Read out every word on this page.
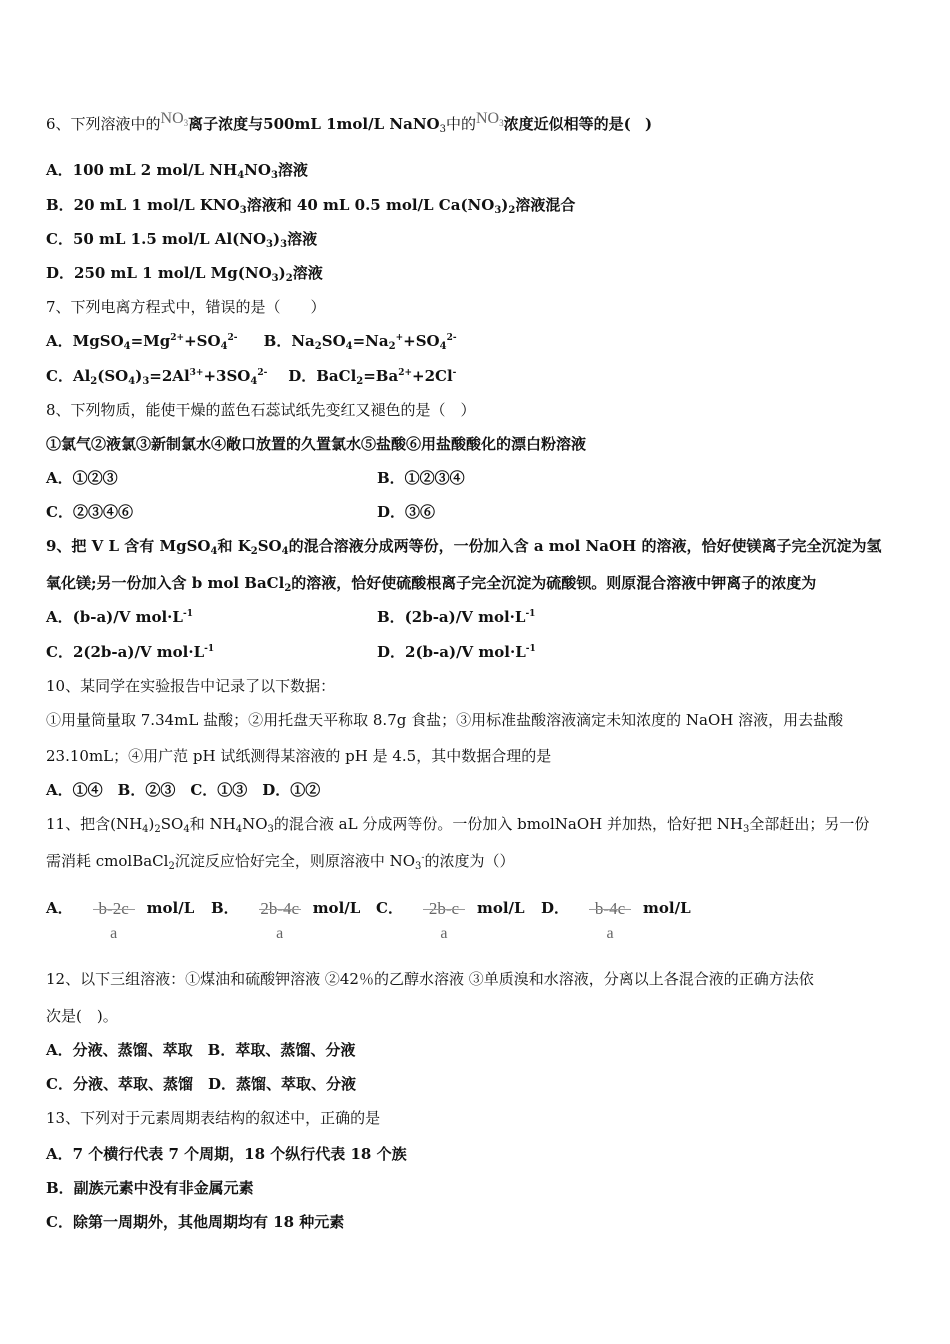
6、下列溶液中的$NO_3$离子浓度与500mL 1mol/L NaNO$_3$中的$NO_3$浓度近似相等的是( )
A．100 mL 2 mol/L $NH_4NO_3$溶液
B．20 mL 1 mol/L $KNO_3$溶液和 40 mL 0.5 mol/L $Ca(NO_3)_2$溶液混合
C．50 mL 1.5 mol/L $Al(NO_3)_3$溶液
D．250 mL 1 mol/L $Mg(NO_3)_2$溶液
7、下列电离方程式中，错误的是（　　）
A．$MgSO_4=Mg^{2+}+SO_4^{2-}$ B．$Na_2SO_4=Na_2^++SO_4^{2-}$
C．$Al_2(SO_4)_3=2Al^{3+}+3SO_4^{2-}$ D．$BaCl_2=Ba^{2+}+2Cl^-$
8、下列物质，能使干燥的蓝色石蕊试纸先变红又褪色的是（　）
①氯气②液氯③新制氯水④敞口放置的久置氯水⑤盐酸⑥用盐酸酸化的漂白粉溶液
A．①②③	B．①②③④
C．②③④⑥	D．③⑥
9、把 V L 含有 MgSO$_4$和 $K_2SO_4$的混合溶液分成两等份，一份加入含 a mol NaOH 的溶液，恰好使镁离子完全沉淀为氢
氧化镁;另一份加入含 b mol BaCl$_2$的溶液，恰好使硫酸根离子完全沉淀为硫酸钡。则原混合溶液中钾离子的浓度为
A．(b-a)/V $mol\cdot L^{-1}$	B．(2b-a)/V $mol\cdot L^{-1}$
C．2(2b-a)/V $mol\cdot L^{-1}$	D．2(b-a)/V $mol\cdot L^{-1}$
10、某同学在实验报告中记录了以下数据：
①用量筒量取 7.34mL 盐酸；②用托盘天平称取 8.7g 食盐；③用标准盐酸溶液滴定未知浓度的 NaOH 溶液，用去盐酸
23.10mL；④用广范 pH 试纸测得某溶液的 pH 是 4.5，其中数据合理的是
A．①④　B．②③　C．①③　D．①②
11、把含$(NH_4)_2SO_4$和 $NH_4NO_3$的混合液 aL 分成两等份。一份加入 bmolNaOH 并加热，恰好把 $NH_3$全部赶出；另一份
需消耗 cmolBaCl$_2$沉淀反应恰好完全，则原溶液中 $NO_3^-$的浓度为（）
A．	b-2c
a
mol/L B． 2b-4c
a
mol/L C．	2b-c
a
mol/L D．	b-4c
a
mol/L
12、以下三组溶液：①煤油和硫酸钾溶液 ②42％的乙醇水溶液 ③单质溴和水溶液，分离以上各混合液的正确方法依
次是(　)。
A．分液、蒸馏、萃取　B．萃取、蒸馏、分液
C．分液、萃取、蒸馏　D．蒸馏、萃取、分液
13、下列对于元素周期表结构的叙述中，正确的是
A．7 个横行代表 7 个周期，18 个纵行代表 18 个族
B．副族元素中没有非金属元素
C．除第一周期外，其他周期均有 18 种元素
